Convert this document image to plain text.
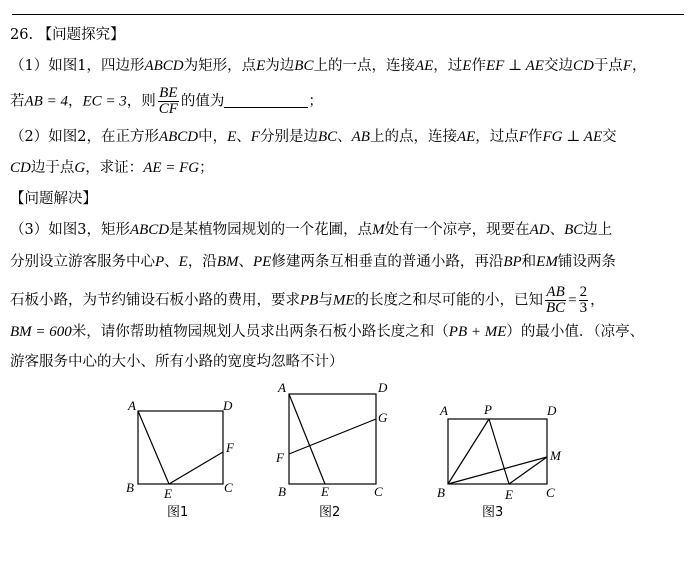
26. 【问题探究】
（1）如图1，四边形ABCD为矩形，点E为边BC上的一点，连接AE，过E作EF ⊥ AE交边CD于点F，
若AB = 4，EC = 3，则 $\frac{BE}{CF}$ 的值为	；
（2）如图2，在正方形ABCD中，E、F分别是边BC、AB上的点，连接AE，过点F作FG ⊥ AE交
CD边于点G，求证：AE = FG；
【问题解决】
（3）如图3，矩形ABCD是某植物园规划的一个花圃，点M处有一个凉亭，现要在AD、BC边上
分别设立游客服务中心P、E，沿BM、PE修建两条互相垂直的普通小路，再沿BP和EM铺设两条
石板小路，为节约铺设石板小路的费用，要求PB与ME的长度之和尽可能的小，已知 $\frac{AB}{BC} = \frac{2}{3}$ ，
BM = 600米，请你帮助植物园规划人员求出两条石板小路长度之和（PB + ME）的最小值．（凉亭、
游客服务中心的大小、所有小路的宽度均忽略不计）
A	D
B E	C
F
A	D
G
F
B	E	C
A	P	D
M
B	E	C
图1	图2	图3
